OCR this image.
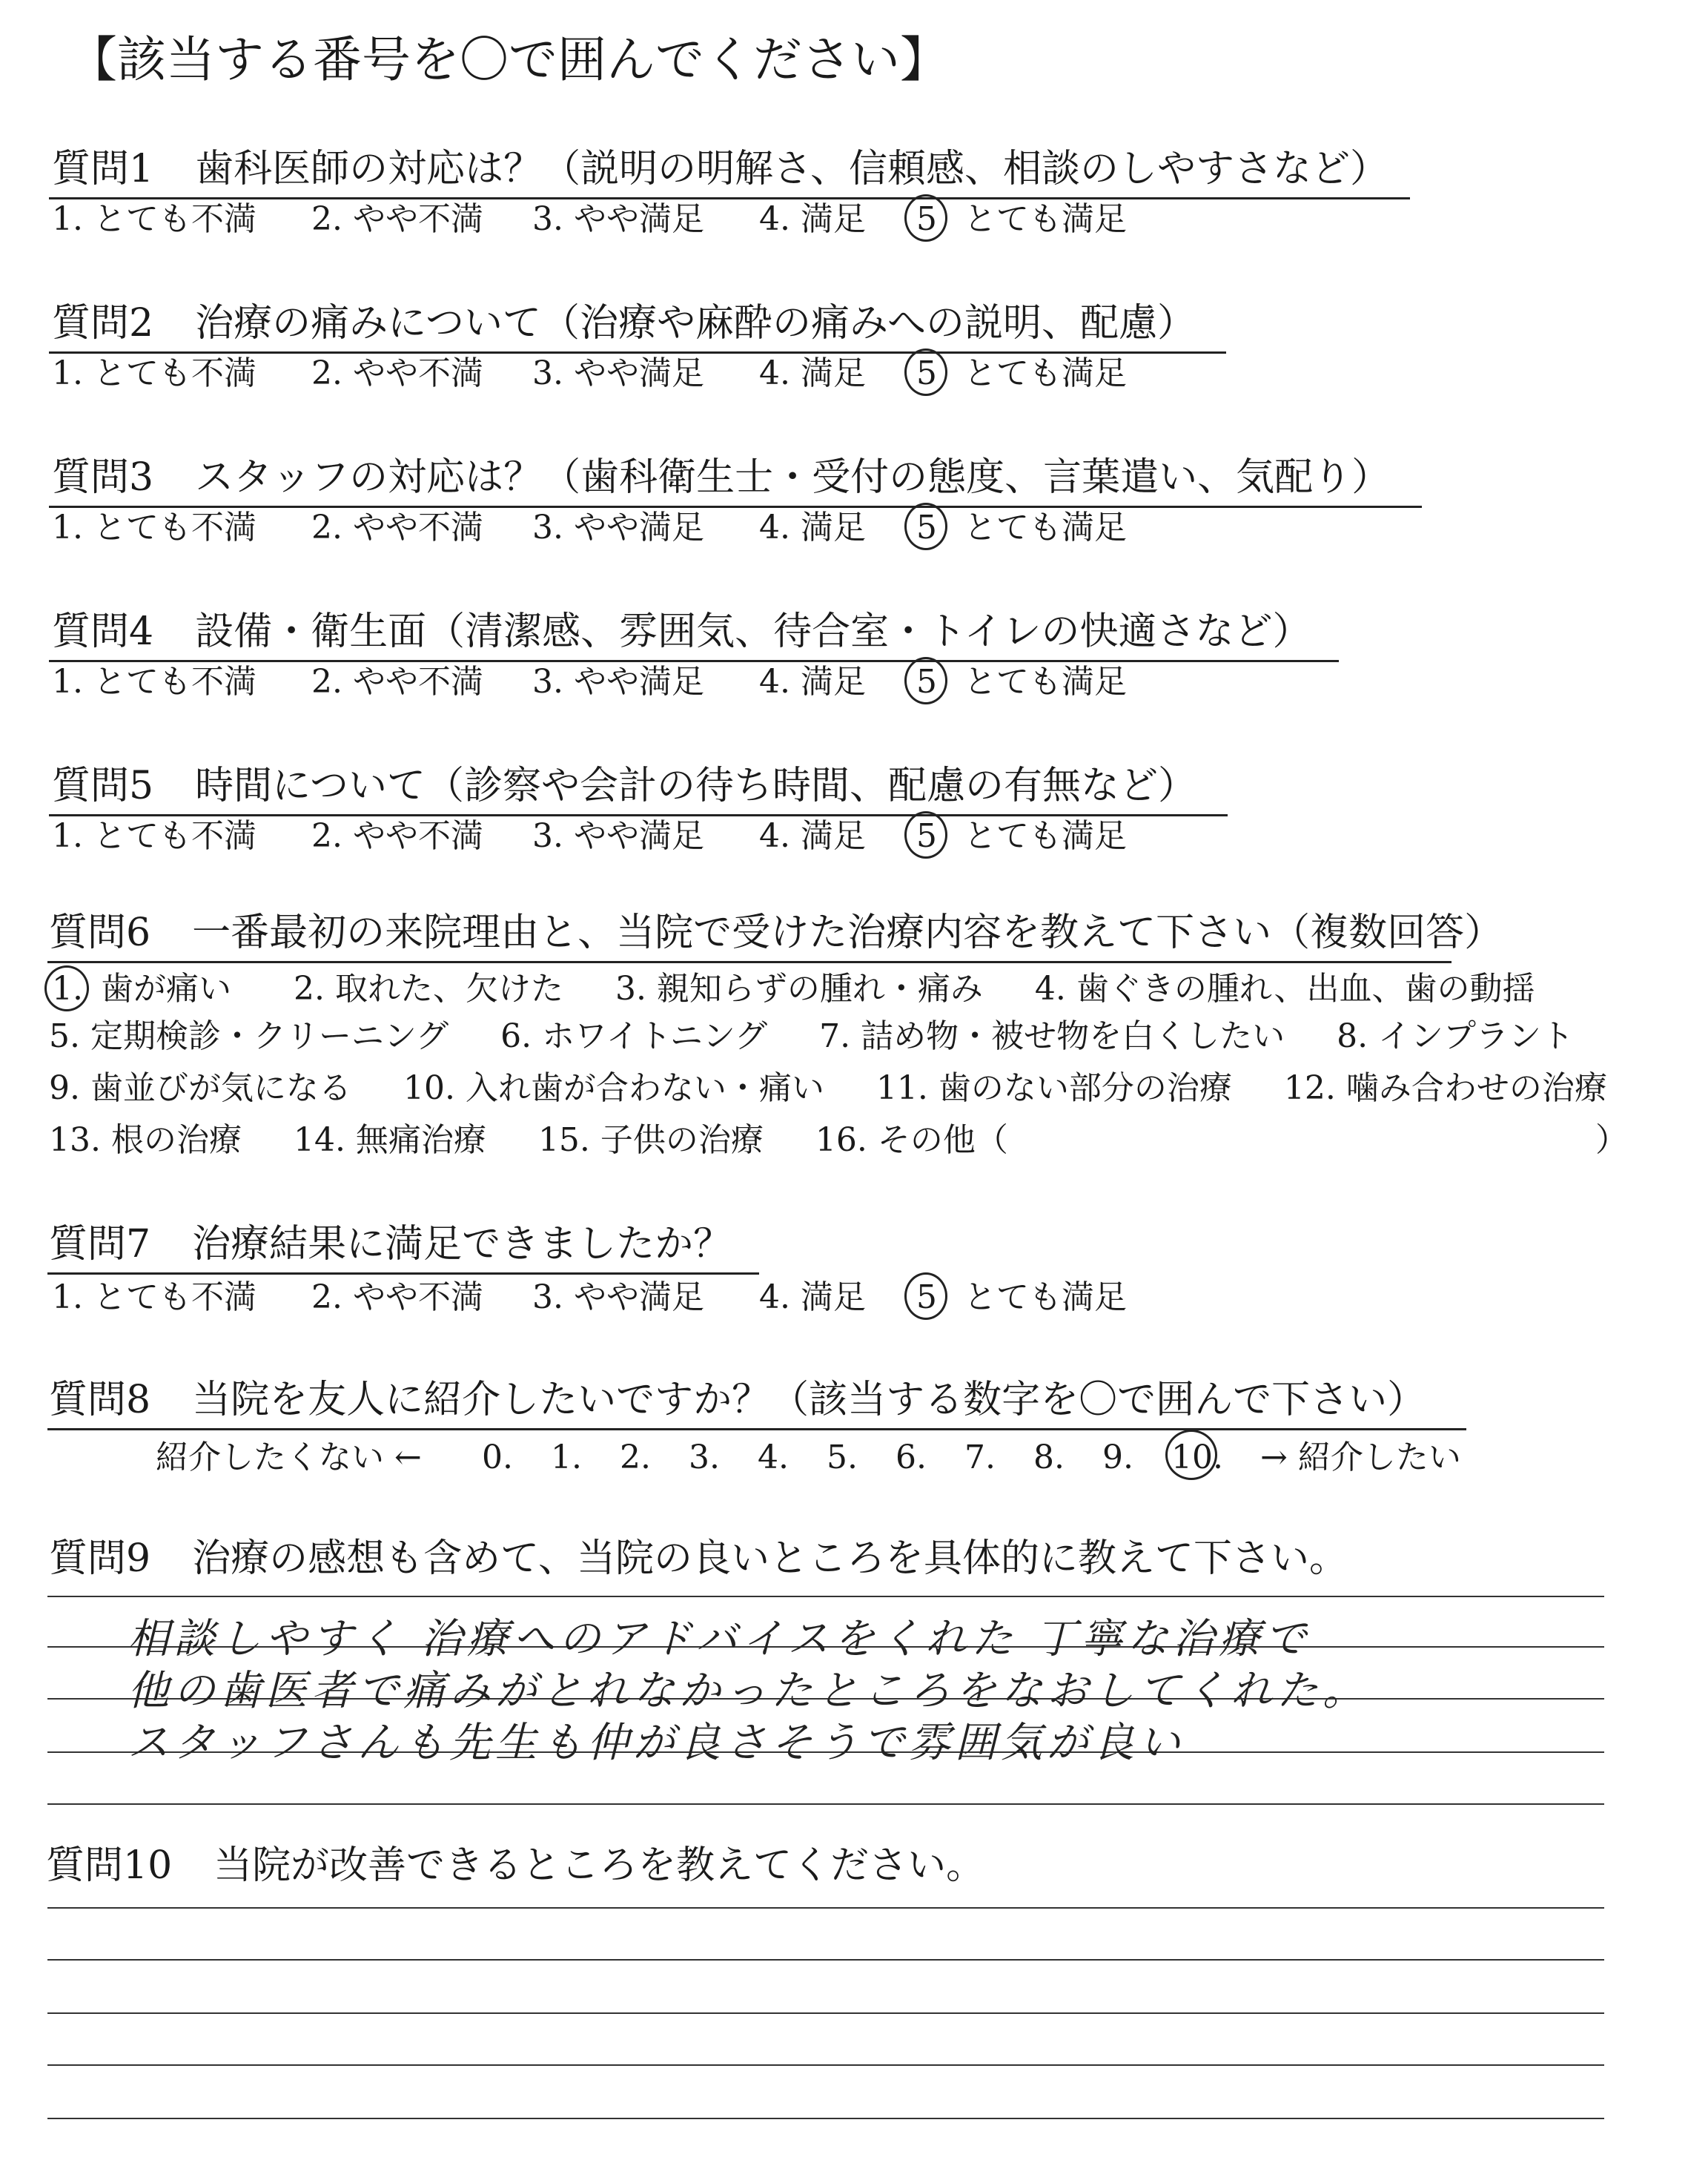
【該当する番号を〇で囲んでください】
質問1 歯科医師の対応は？（説明の明解さ、信頼感、相談のしやすさなど）
1. とても不満 2. やや不満 3. やや満足 4. 満足 5 とても満足
質問2 治療の痛みについて（治療や麻酔の痛みへの説明、配慮）
1. とても不満 2. やや不満 3. やや満足 4. 満足 5 とても満足
質問3 スタッフの対応は？（歯科衛生士・受付の態度、言葉遣い、気配り）
1. とても不満 2. やや不満 3. やや満足 4. 満足 5 とても満足
質問4 設備・衛生面（清潔感、雰囲気、待合室・トイレの快適さなど）
1. とても不満 2. やや不満 3. やや満足 4. 満足 5 とても満足
質問5 時間について（診察や会計の待ち時間、配慮の有無など）
1. とても不満 2. やや不満 3. やや満足 4. 満足 5 とても満足
質問6 一番最初の来院理由と、当院で受けた治療内容を教えて下さい（複数回答）
1. 歯が痛い 2. 取れた、欠けた 3. 親知らずの腫れ・痛み 4. 歯ぐきの腫れ、出血、歯の動揺
5. 定期検診・クリーニング 6. ホワイトニング 7. 詰め物・被せ物を白くしたい 8. インプラント
9. 歯並びが気になる 10. 入れ歯が合わない・痛い 11. 歯のない部分の治療 12. 噛み合わせの治療
13. 根の治療 14. 無痛治療 15. 子供の治療 16. その他（	）
質問7 治療結果に満足できましたか？
1. とても不満 2. やや不満 3. やや満足 4. 満足 5 とても満足
質問8 当院を友人に紹介したいですか？（該当する数字を〇で囲んで下さい）
紹介したくない ← 0. 1. 2. 3. 4. 5. 6. 7. 8. 9. 10. → 紹介したい
質問9 治療の感想も含めて、当院の良いところを具体的に教えて下さい。
相談しやすく 治療へのアドバイスをくれた 丁寧な治療で
他の歯医者で痛みがとれなかったところをなおしてくれた。
スタッフさんも先生も仲が良さそうで雰囲気が良い
質問10 当院が改善できるところを教えてください。
